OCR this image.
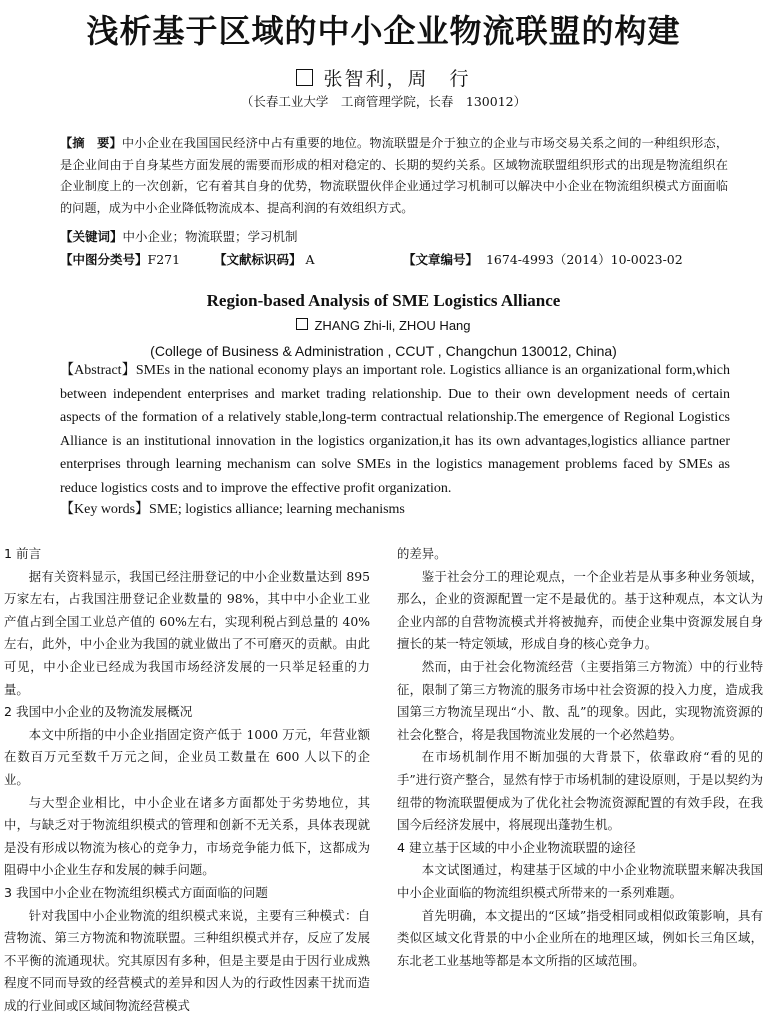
浅析基于区域的中小企业物流联盟的构建
张智利，周　行
（长春工业大学　工商管理学院，长春　130012）
【摘　要】中小企业在我国国民经济中占有重要的地位。物流联盟是介于独立的企业与市场交易关系之间的一种组织形态，是企业间由于自身某些方面发展的需要而形成的相对稳定的、长期的契约关系。区域物流联盟组织形式的出现是物流组织在企业制度上的一次创新，它有着其自身的优势，物流联盟伙伴企业通过学习机制可以解决中小企业在物流组织模式方面面临的问题，成为中小企业降低物流成本、提高利润的有效组织方式。
【关键词】中小企业；物流联盟；学习机制
【中图分类号】F271	【文献标识码】 A	【文章编号】 1674-4993（2014）10-0023-02
Region-based Analysis of SME Logistics Alliance
ZHANG Zhi-li, ZHOU Hang
(College of Business & Administration , CCUT , Changchun 130012, China)
【Abstract】SMEs in the national economy plays an important role. Logistics alliance is an organizational form,which between independent enterprises and market trading relationship. Due to their own development needs of certain aspects of the formation of a relatively stable,long-term contractual relationship.The emergence of Regional Logistics Alliance is an institutional innovation in the logistics organization,it has its own advantages,logistics alliance partner enterprises through learning mechanism can solve SMEs in the logistics management problems faced by SMEs as reduce logistics costs and to improve the effective profit organization.
【Key words】SME; logistics alliance; learning mechanisms
1 前言

据有关资料显示，我国已经注册登记的中小企业数量达到 895 万家左右，占我国注册登记企业数量的 98%，其中中小企业工业产值占到全国工业总产值的 60%左右，实现利税占到总量的 40%左右，此外，中小企业为我国的就业做出了不可磨灭的贡献。由此可见，中小企业已经成为我国市场经济发展的一只举足轻重的力量。

2 我国中小企业的及物流发展概况

本文中所指的中小企业指固定资产低于 1000 万元，年营业额在数百万元至数千万元之间，企业员工数量在 600 人以下的企业。

与大型企业相比，中小企业在诸多方面都处于劣势地位，其中，与缺乏对于物流组织模式的管理和创新不无关系，具体表现就是没有形成以物流为核心的竞争力，市场竞争能力低下，这都成为阻碍中小企业生存和发展的棘手问题。

3 我国中小企业在物流组织模式方面面临的问题

针对我国中小企业物流的组织模式来说，主要有三种模式：自营物流、第三方物流和物流联盟。三种组织模式并存，反应了发展不平衡的流通现状。究其原因有多种，但是主要是由于因行业成熟程度不同而导致的经营模式的差异和因人为的行政性因素干扰而造成的行业间或区域间物流经营模式

的差异。

鉴于社会分工的理论观点，一个企业若是从事多种业务领域，那么，企业的资源配置一定不是最优的。基于这种观点，本文认为企业内部的自营物流模式并将被抛弃，而使企业集中资源发展自身擅长的某一特定领域，形成自身的核心竞争力。

然而，由于社会化物流经营（主要指第三方物流）中的行业特征，限制了第三方物流的服务市场中社会资源的投入力度，造成我国第三方物流呈现出“小、散、乱”的现象。因此，实现物流资源的社会化整合，将是我国物流业发展的一个必然趋势。

在市场机制作用不断加强的大背景下，依靠政府“看的见的手”进行资产整合，显然有悖于市场机制的建设原则，于是以契约为纽带的物流联盟便成为了优化社会物流资源配置的有效手段，在我国今后经济发展中，将展现出蓬勃生机。

4 建立基于区域的中小企业物流联盟的途径

本文试图通过，构建基于区域的中小企业物流联盟来解决我国中小企业面临的物流组织模式所带来的一系列难题。

首先明确，本文提出的“区域”指受相同或相似政策影响，具有类似区域文化背景的中小企业所在的地理区域，例如长三角区域，东北老工业基地等都是本文所指的区域范围。
